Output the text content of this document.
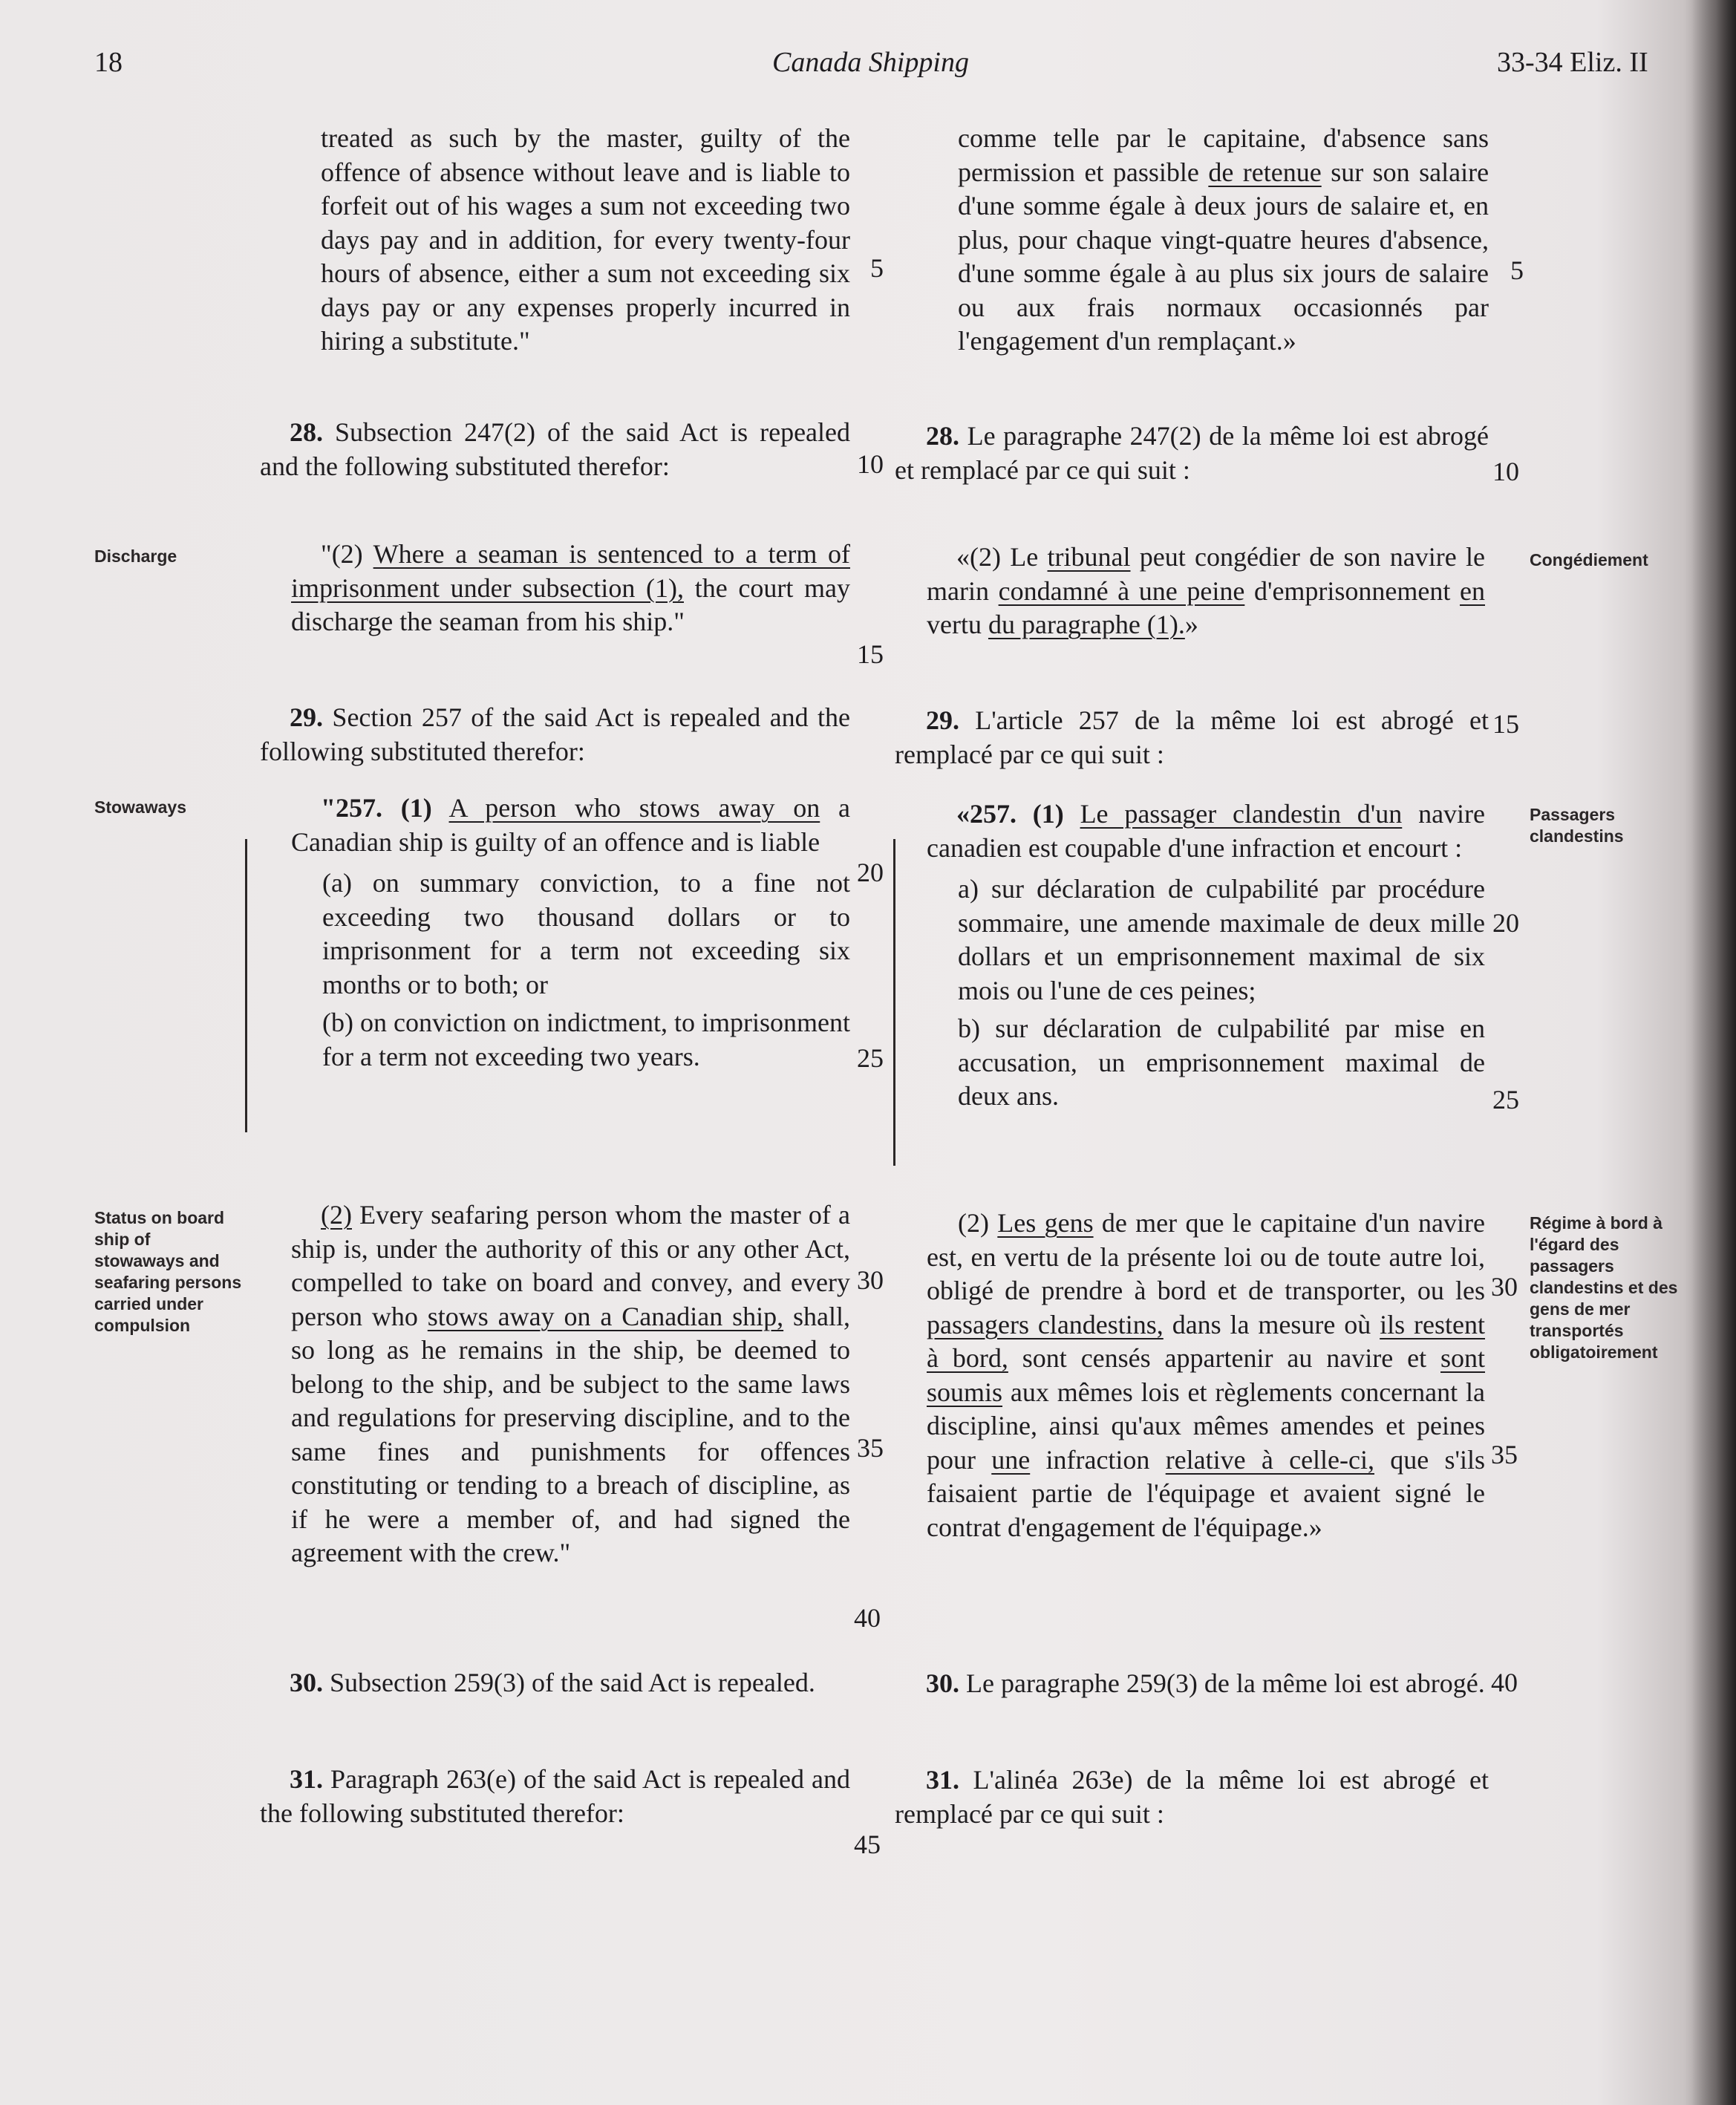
18	Canada Shipping	33-34 Eliz. II

treated as such by the master, guilty of the offence of absence without leave and is liable to forfeit out of his wages a sum not exceeding two days pay and in addition, for every twenty-four hours of absence, either a sum not exceeding six days pay or any expenses properly incurred in hiring a substitute."

28. Subsection 247(2) of the said Act is repealed and the following substituted therefor:

"(2) Where a seaman is sentenced to a term of imprisonment under subsection (1), the court may discharge the seaman from his ship."

29. Section 257 of the said Act is repealed and the following substituted therefor:

"257. (1) A person who stows away on a Canadian ship is guilty of an offence and is liable

(a) on summary conviction, to a fine not exceeding two thousand dollars or to imprisonment for a term not exceeding six months or to both; or

(b) on conviction on indictment, to imprisonment for a term not exceeding two years.

(2) Every seafaring person whom the master of a ship is, under the authority of this or any other Act, compelled to take on board and convey, and every person who stows away on a Canadian ship, shall, so long as he remains in the ship, be deemed to belong to the ship, and be subject to the same laws and regulations for preserving discipline, and to the same fines and punishments for offences constituting or tending to a breach of discipline, as if he were a member of, and had signed the agreement with the crew."

30. Subsection 259(3) of the said Act is repealed.

31. Paragraph 263(e) of the said Act is repealed and the following substituted therefor:

comme telle par le capitaine, d'absence sans permission et passible de retenue sur son salaire d'une somme égale à deux jours de salaire et, en plus, pour chaque vingt-quatre heures d'absence, d'une somme égale à au plus six jours de salaire ou aux frais normaux occasionnés par l'engagement d'un remplaçant.»

28. Le paragraphe 247(2) de la même loi est abrogé et remplacé par ce qui suit :

«(2) Le tribunal peut congédier de son navire le marin condamné à une peine d'emprisonnement en vertu du paragraphe (1).»

29. L'article 257 de la même loi est abrogé et remplacé par ce qui suit :

«257. (1) Le passager clandestin d'un navire canadien est coupable d'une infraction et encourt :

a) sur déclaration de culpabilité par procédure sommaire, une amende maximale de deux mille dollars et un emprisonnement maximal de six mois ou l'une de ces peines;

b) sur déclaration de culpabilité par mise en accusation, un emprisonnement maximal de deux ans.

(2) Les gens de mer que le capitaine d'un navire est, en vertu de la présente loi ou de toute autre loi, obligé de prendre à bord et de transporter, ou les passagers clandestins, dans la mesure où ils restent à bord, sont censés appartenir au navire et sont soumis aux mêmes lois et règlements concernant la discipline, ainsi qu'aux mêmes amendes et peines pour une infraction relative à celle-ci, que s'ils faisaient partie de l'équipage et avaient signé le contrat d'engagement de l'équipage.»

30. Le paragraphe 259(3) de la même loi est abrogé.

31. L'alinéa 263e) de la même loi est abrogé et remplacé par ce qui suit :

Discharge
Stowaways
Status on board ship of stowaways and seafaring persons carried under compulsion
Congédiement
Passagers clandestins
Régime à bord à l'égard des passagers clandestins et des gens de mer transportés obligatoirement
5
10
15
20
25
30
35
40
45
5
10
15
20
25
30
35
40
